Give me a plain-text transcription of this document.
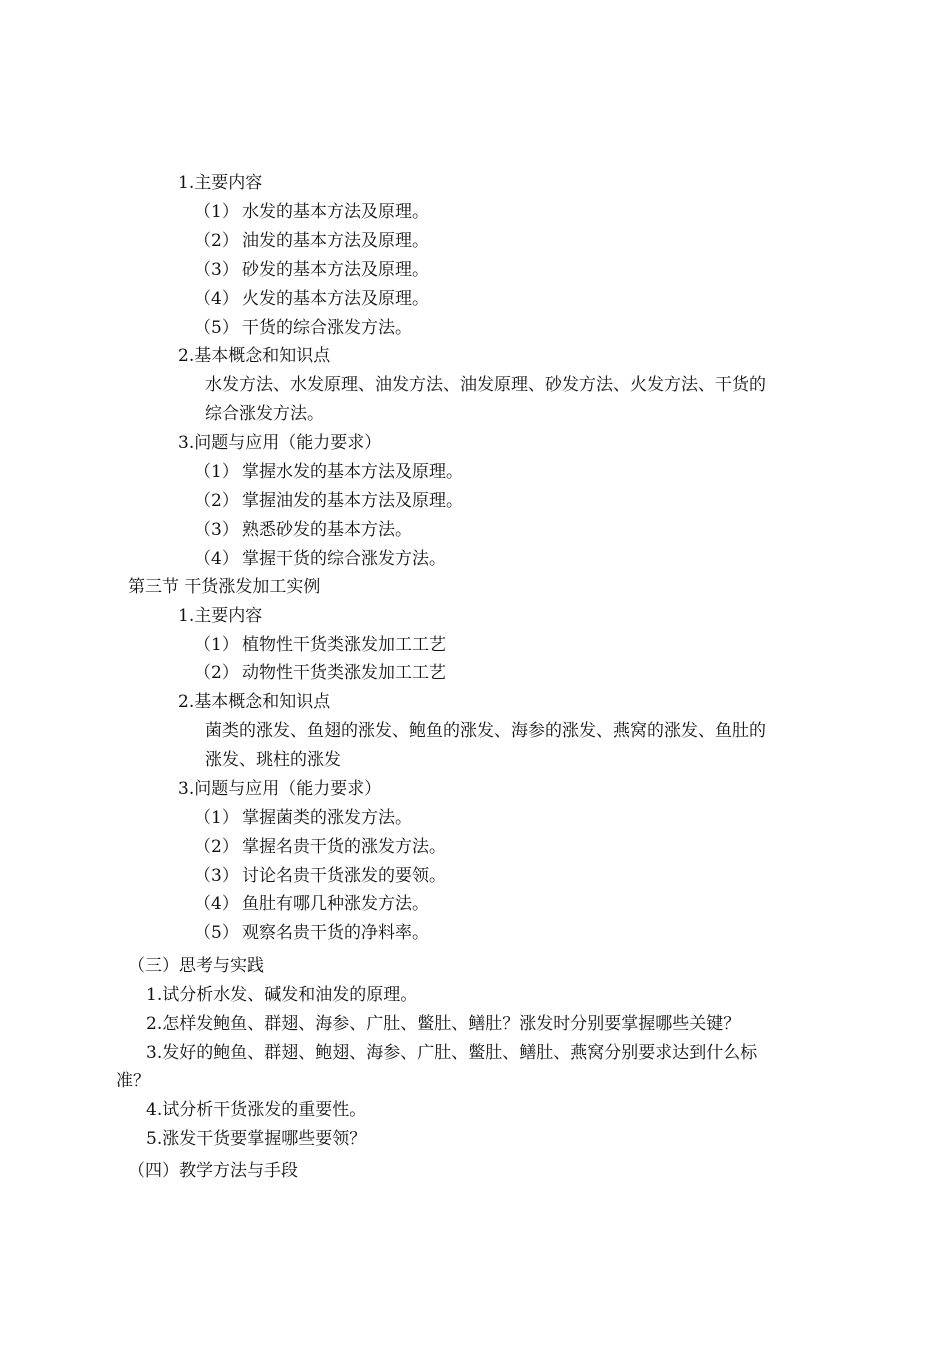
1.主要内容
（1） 水发的基本方法及原理。
（2） 油发的基本方法及原理。
（3） 砂发的基本方法及原理。
（4） 火发的基本方法及原理。
（5） 干货的综合涨发方法。
2.基本概念和知识点
水发方法、水发原理、油发方法、油发原理、砂发方法、火发方法、干货的
综合涨发方法。
3.问题与应用（能力要求）
（1） 掌握水发的基本方法及原理。
（2） 掌握油发的基本方法及原理。
（3） 熟悉砂发的基本方法。
（4） 掌握干货的综合涨发方法。
第三节 干货涨发加工实例
1.主要内容
（1） 植物性干货类涨发加工工艺
（2） 动物性干货类涨发加工工艺
2.基本概念和知识点
菌类的涨发、鱼翅的涨发、鲍鱼的涨发、海参的涨发、燕窝的涨发、鱼肚的
涨发、珧柱的涨发
3.问题与应用（能力要求）
（1） 掌握菌类的涨发方法。
（2） 掌握名贵干货的涨发方法。
（3） 讨论名贵干货涨发的要领。
（4） 鱼肚有哪几种涨发方法。
（5） 观察名贵干货的净料率。
（三）思考与实践
1.试分析水发、碱发和油发的原理。
2.怎样发鲍鱼、群翅、海参、广肚、鳖肚、鳝肚？涨发时分别要掌握哪些关键？
3.发好的鲍鱼、群翅、鲍翅、海参、广肚、鳖肚、鳝肚、燕窝分别要求达到什么标
准？
4.试分析干货涨发的重要性。
5.涨发干货要掌握哪些要领？
（四）教学方法与手段
